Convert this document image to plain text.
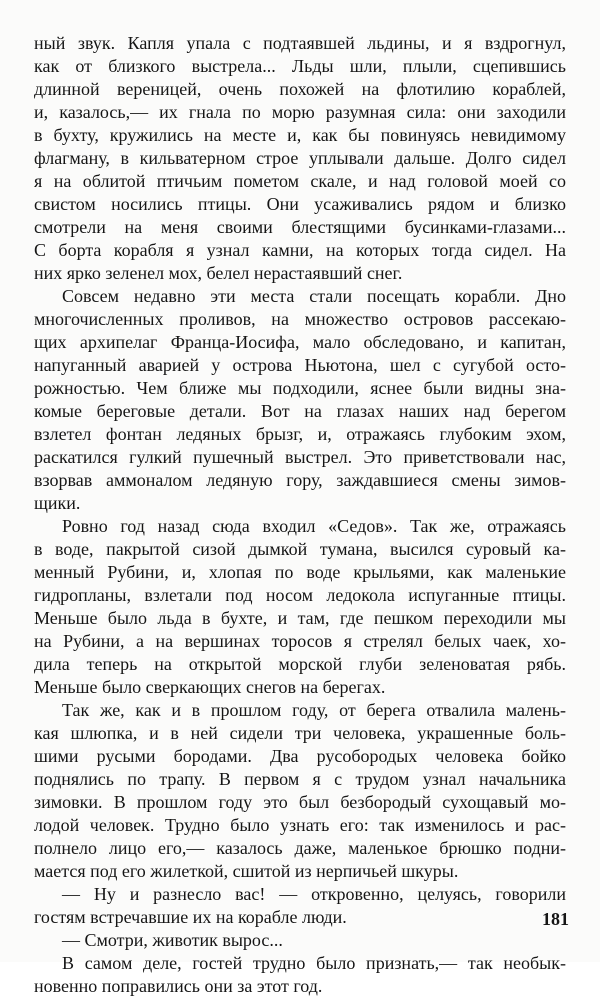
ный звук. Капля упала с подтаявшей льдины, и я вздрогнул,
как от близкого выстрела... Льды шли, плыли, сцепившись
длинной вереницей, очень похожей на флотилию кораблей,
и, казалось,— их гнала по морю разумная сила: они заходили
в бухту, кружились на месте и, как бы повинуясь невидимому
флагману, в кильватерном строе уплывали дальше. Долго сидел
я на облитой птичьим пометом скале, и над головой моей со
свистом носились птицы. Они усаживались рядом и близко
смотрели на меня своими блестящими бусинками-глазами...
С борта корабля я узнал камни, на которых тогда сидел. На
них ярко зеленел мох, белел нерастаявший снег.
Совсем недавно эти места стали посещать корабли. Дно
многочисленных проливов, на множество островов рассекаю-
щих архипелаг Франца-Иосифа, мало обследовано, и капитан,
напуганный аварией у острова Ньютона, шел с сугубой осто-
рожностью. Чем ближе мы подходили, яснее были видны зна-
комые береговые детали. Вот на глазах наших над берегом
взлетел фонтан ледяных брызг, и, отражаясь глубоким эхом,
раскатился гулкий пушечный выстрел. Это приветствовали нас,
взорвав аммоналом ледяную гору, заждавшиеся смены зимов-
щики.
Ровно год назад сюда входил «Седов». Так же, отражаясь
в воде, пакрытой сизой дымкой тумана, высился суровый ка-
менный Рубини, и, хлопая по воде крыльями, как маленькие
гидропланы, взлетали под носом ледокола испуганные птицы.
Меньше было льда в бухте, и там, где пешком переходили мы
на Рубини, а на вершинах торосов я стрелял белых чаек, хо-
дила теперь на открытой морской глуби зеленоватая рябь.
Меньше было сверкающих снегов на берегах.
Так же, как и в прошлом году, от берега отвалила малень-
кая шлюпка, и в ней сидели три человека, украшенные боль-
шими русыми бородами. Два русобородых человека бойко
поднялись по трапу. В первом я с трудом узнал начальника
зимовки. В прошлом году это был безбородый сухощавый мо-
лодой человек. Трудно было узнать его: так изменилось и рас-
полнело лицо его,— казалось даже, маленькое брюшко подни-
мается под его жилеткой, сшитой из нерпичьей шкуры.
— Ну и разнесло вас! — откровенно, целуясь, говорили
гостям встречавшие их на корабле люди.
— Смотри, животик вырос...
В самом деле, гостей трудно было признать,— так необык-
новенно поправились они за этот год.
181
